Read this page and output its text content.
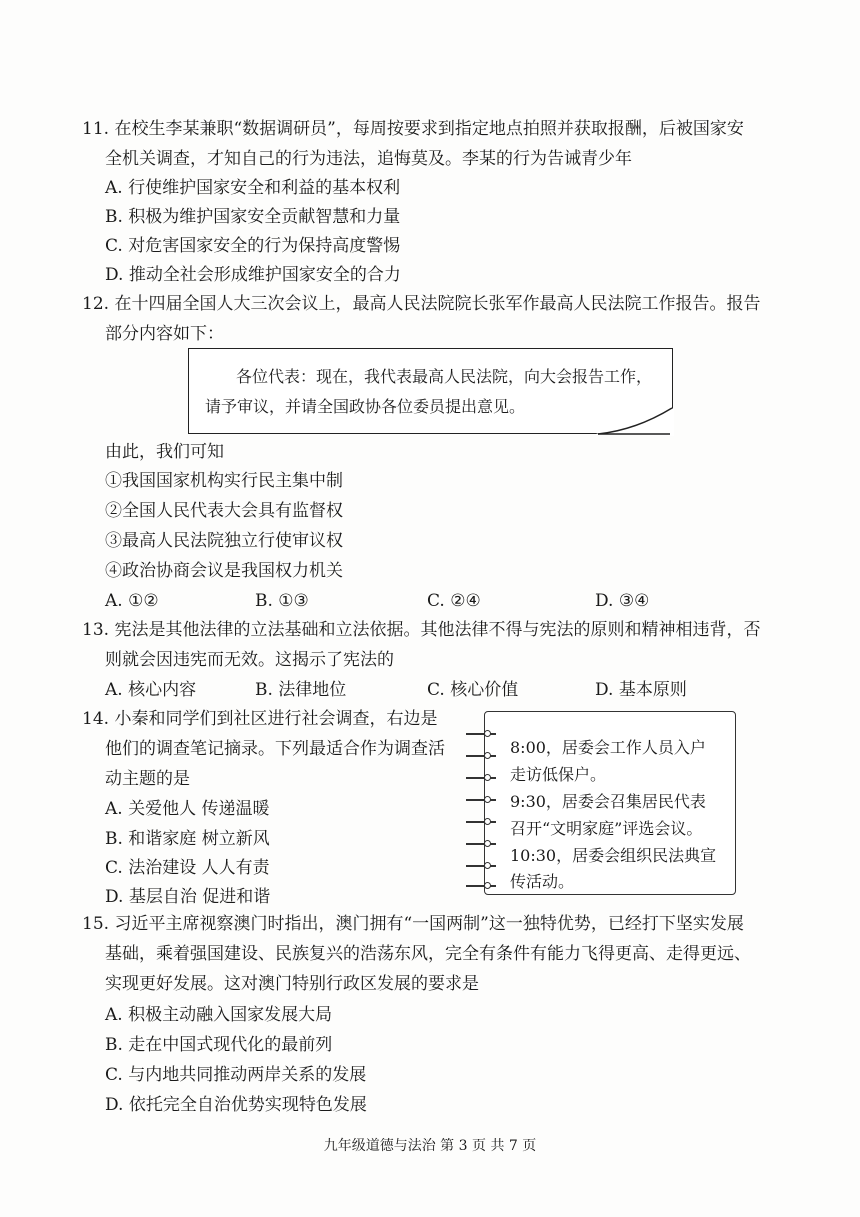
11. 在校生李某兼职“数据调研员”，每周按要求到指定地点拍照并获取报酬，后被国家安
全机关调查，才知自己的行为违法，追悔莫及。李某的行为告诫青少年
A. 行使维护国家安全和利益的基本权利
B. 积极为维护国家安全贡献智慧和力量
C. 对危害国家安全的行为保持高度警惕
D. 推动全社会形成维护国家安全的合力
12. 在十四届全国人大三次会议上，最高人民法院院长张军作最高人民法院工作报告。报告
部分内容如下：
各位代表：现在，我代表最高人民法院，向大会报告工作，
请予审议，并请全国政协各位委员提出意见。
由此，我们可知
①我国国家机构实行民主集中制
②全国人民代表大会具有监督权
③最高人民法院独立行使审议权
④政治协商会议是我国权力机关
A. ①②	B. ①③	C. ②④	D. ③④
13. 宪法是其他法律的立法基础和立法依据。其他法律不得与宪法的原则和精神相违背，否
则就会因违宪而无效。这揭示了宪法的
A. 核心内容	B. 法律地位	C. 核心价值	D. 基本原则
14. 小秦和同学们到社区进行社会调查，右边是
他们的调查笔记摘录。下列最适合作为调查活
动主题的是
A. 关爱他人 传递温暖
B. 和谐家庭 树立新风
C. 法治建设 人人有责
D. 基层自治 促进和谐
8:00，居委会工作人员入户
走访低保户。
9:30，居委会召集居民代表
召开“文明家庭”评选会议。
10:30，居委会组织民法典宣
传活动。
15. 习近平主席视察澳门时指出，澳门拥有“一国两制”这一独特优势，已经打下坚实发展
基础，乘着强国建设、民族复兴的浩荡东风，完全有条件有能力飞得更高、走得更远、
实现更好发展。这对澳门特别行政区发展的要求是
A. 积极主动融入国家发展大局
B. 走在中国式现代化的最前列
C. 与内地共同推动两岸关系的发展
D. 依托完全自治优势实现特色发展
九年级道德与法治 第 3 页 共 7 页
